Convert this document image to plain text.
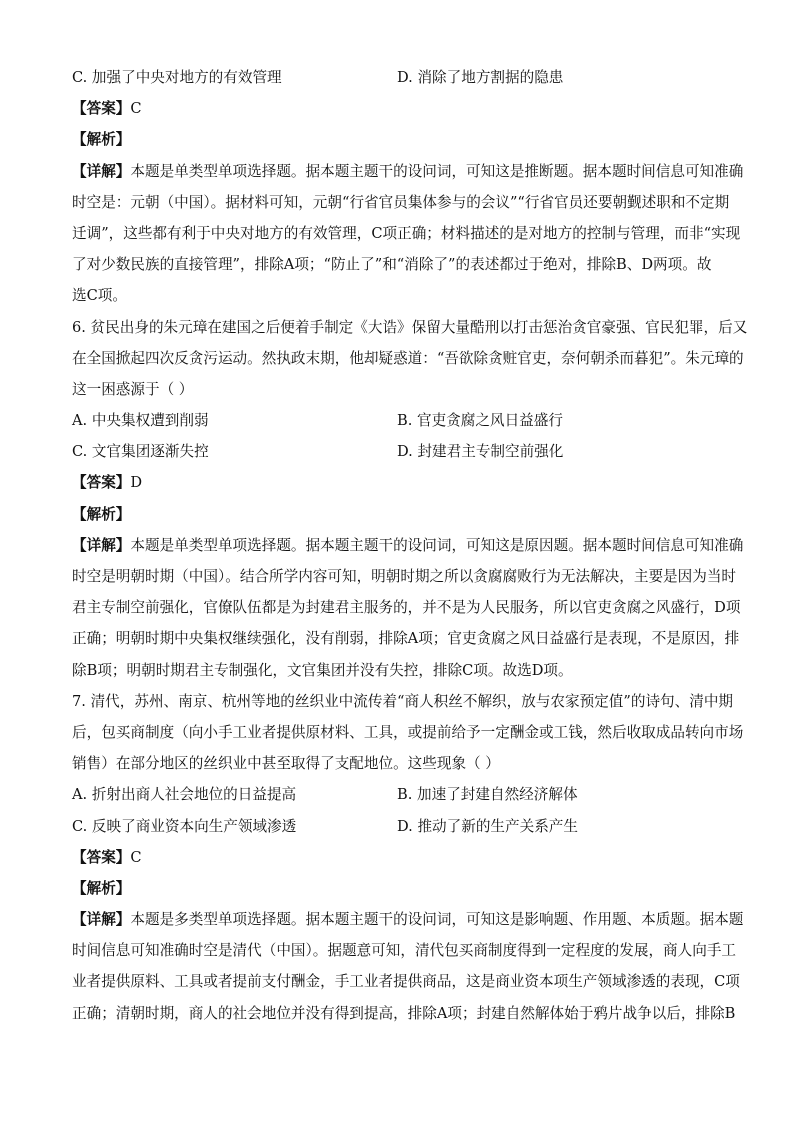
C. 加强了中央对地方的有效管理	D. 消除了地方割据的隐患
【答案】C
【解析】
【详解】本题是单类型单项选择题。据本题主题干的设问词，可知这是推断题。据本题时间信息可知准确
时空是：元朝（中国）。据材料可知，元朝“行省官员集体参与的会议”“行省官员还要朝觐述职和不定期
迁调”，这些都有利于中央对地方的有效管理，C项正确；材料描述的是对地方的控制与管理，而非“实现
了对少数民族的直接管理”，排除A项；“防止了”和“消除了”的表述都过于绝对，排除B、D两项。故
选C项。
6. 贫民出身的朱元璋在建国之后便着手制定《大诰》保留大量酷刑以打击惩治贪官豪强、官民犯罪，后又
在全国掀起四次反贪污运动。然执政末期，他却疑惑道：“吾欲除贪赃官吏，奈何朝杀而暮犯”。朱元璋的
这一困惑源于（ ）
A. 中央集权遭到削弱	B. 官吏贪腐之风日益盛行
C. 文官集团逐渐失控	D. 封建君主专制空前强化
【答案】D
【解析】
【详解】本题是单类型单项选择题。据本题主题干的设问词，可知这是原因题。据本题时间信息可知准确
时空是明朝时期（中国）。结合所学内容可知，明朝时期之所以贪腐腐败行为无法解决，主要是因为当时
君主专制空前强化，官僚队伍都是为封建君主服务的，并不是为人民服务，所以官吏贪腐之风盛行，D项
正确；明朝时期中央集权继续强化，没有削弱，排除A项；官吏贪腐之风日益盛行是表现，不是原因，排
除B项；明朝时期君主专制强化，文官集团并没有失控，排除C项。故选D项。
7. 清代，苏州、南京、杭州等地的丝织业中流传着“商人积丝不解织，放与农家预定值”的诗句、清中期
后，包买商制度（向小手工业者提供原材料、工具，或提前给予一定酬金或工钱，然后收取成品转向市场
销售）在部分地区的丝织业中甚至取得了支配地位。这些现象（ ）
A. 折射出商人社会地位的日益提高	B. 加速了封建自然经济解体
C. 反映了商业资本向生产领域渗透	D. 推动了新的生产关系产生
【答案】C
【解析】
【详解】本题是多类型单项选择题。据本题主题干的设问词，可知这是影响题、作用题、本质题。据本题
时间信息可知准确时空是清代（中国）。据题意可知，清代包买商制度得到一定程度的发展，商人向手工
业者提供原料、工具或者提前支付酬金，手工业者提供商品，这是商业资本项生产领域渗透的表现，C项
正确；清朝时期，商人的社会地位并没有得到提高，排除A项；封建自然解体始于鸦片战争以后，排除B
